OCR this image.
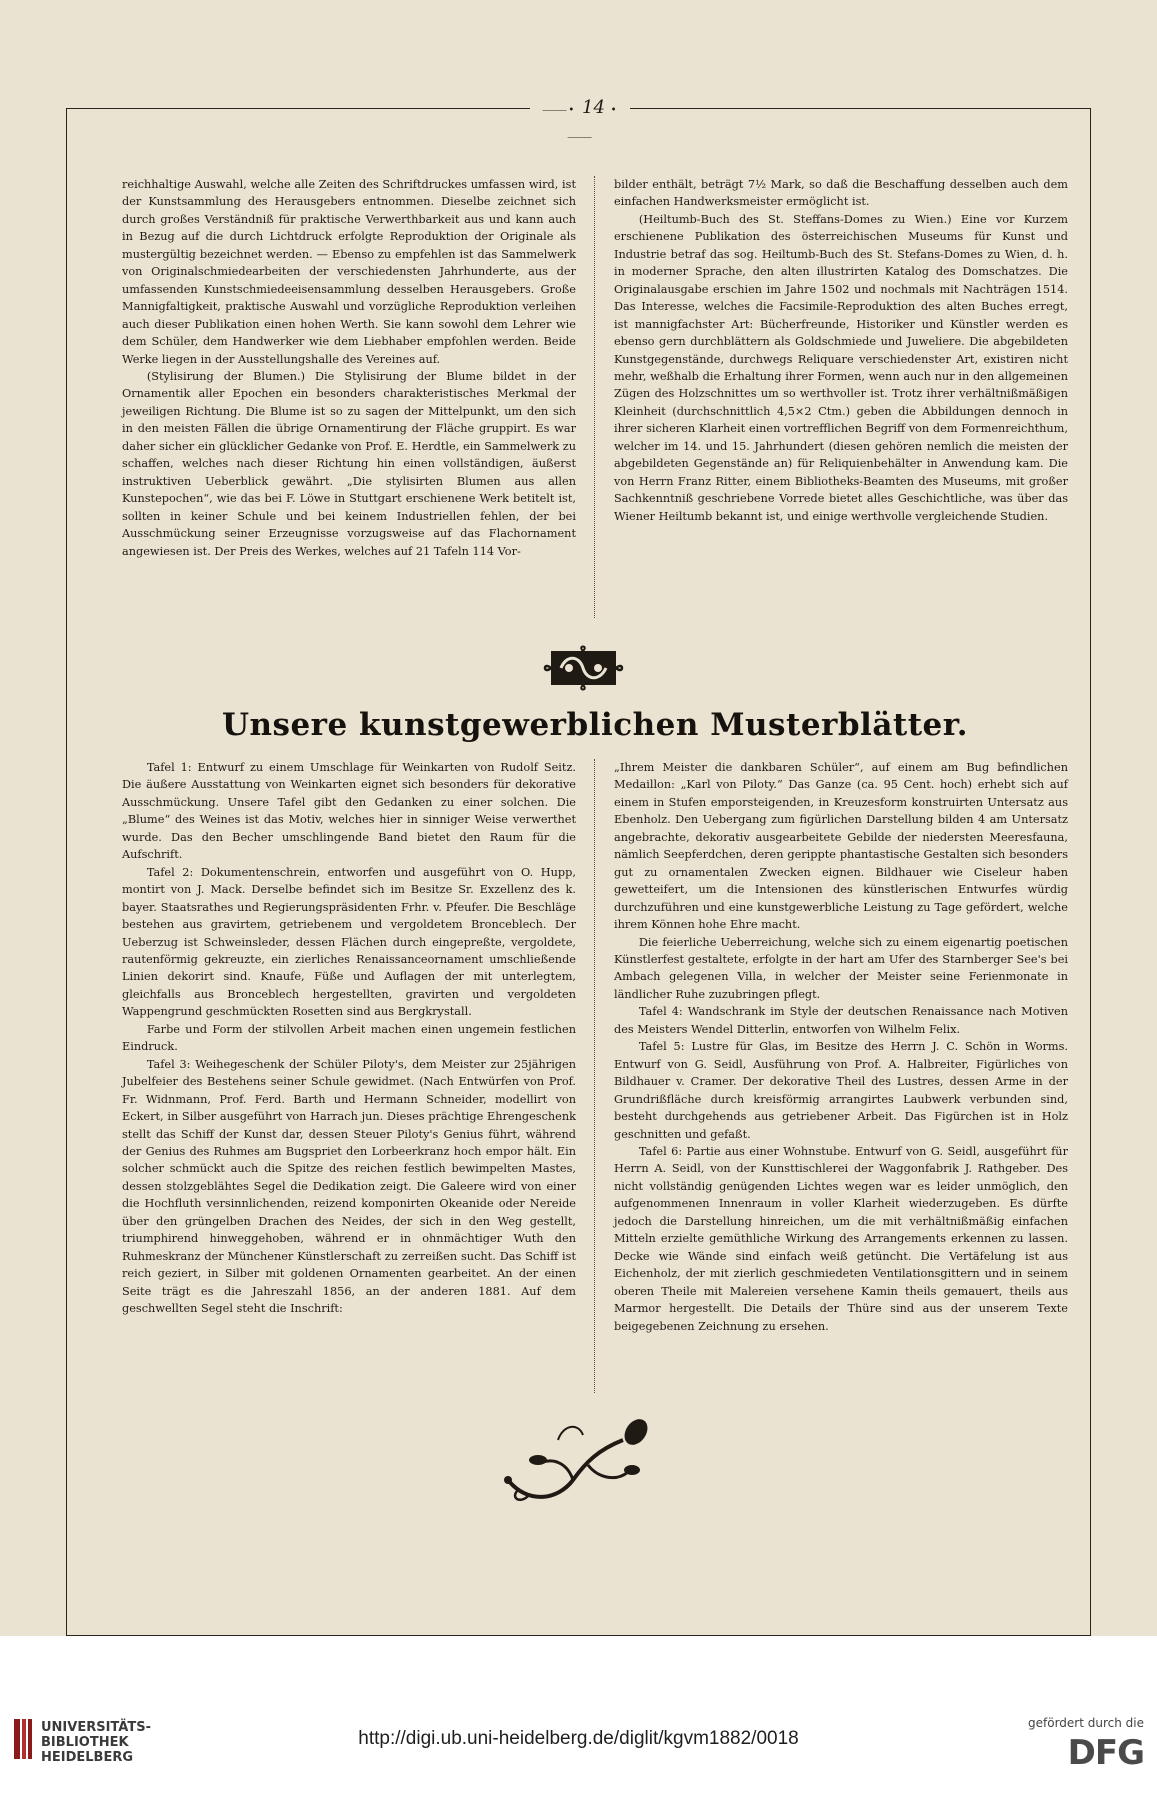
⸻• 14 •⸻

reichhaltige Auswahl, welche alle Zeiten des Schriftdruckes umfassen wird, ist der Kunstsammlung des Herausgebers entnommen. Dieselbe zeichnet sich durch großes Verständniß für praktische Verwerthbarkeit aus und kann auch in Bezug auf die durch Lichtdruck erfolgte Reproduktion der Originale als mustergültig bezeichnet werden. — Ebenso zu empfehlen ist das Sammelwerk von Originalschmiedearbeiten der verschiedensten Jahrhunderte, aus der umfassenden Kunstschmiedeeisensammlung desselben Herausgebers. Große Mannigfaltigkeit, praktische Auswahl und vorzügliche Reproduktion verleihen auch dieser Publikation einen hohen Werth. Sie kann sowohl dem Lehrer wie dem Schüler, dem Handwerker wie dem Liebhaber empfohlen werden. Beide Werke liegen in der Ausstellungshalle des Vereines auf.

(Stylisirung der Blumen.) Die Stylisirung der Blume bildet in der Ornamentik aller Epochen ein besonders charakteristisches Merkmal der jeweiligen Richtung. Die Blume ist so zu sagen der Mittelpunkt, um den sich in den meisten Fällen die übrige Ornamentirung der Fläche gruppirt. Es war daher sicher ein glücklicher Gedanke von Prof. E. Herdtle, ein Sammelwerk zu schaffen, welches nach dieser Richtung hin einen vollständigen, äußerst instruktiven Ueberblick gewährt. „Die stylisirten Blumen aus allen Kunstepochen“, wie das bei F. Löwe in Stuttgart erschienene Werk betitelt ist, sollten in keiner Schule und bei keinem Industriellen fehlen, der bei Ausschmückung seiner Erzeugnisse vorzugsweise auf das Flachornament angewiesen ist. Der Preis des Werkes, welches auf 21 Tafeln 114 Vor-

bilder enthält, beträgt 7½ Mark, so daß die Beschaffung desselben auch dem einfachen Handwerksmeister ermöglicht ist.

(Heiltumb-Buch des St. Steffans-Domes zu Wien.) Eine vor Kurzem erschienene Publikation des österreichischen Museums für Kunst und Industrie betraf das sog. Heiltumb-Buch des St. Stefans-Domes zu Wien, d. h. in moderner Sprache, den alten illustrirten Katalog des Domschatzes. Die Originalausgabe erschien im Jahre 1502 und nochmals mit Nachträgen 1514. Das Interesse, welches die Facsimile-Reproduktion des alten Buches erregt, ist mannigfachster Art: Bücherfreunde, Historiker und Künstler werden es ebenso gern durchblättern als Goldschmiede und Juweliere. Die abgebildeten Kunstgegenstände, durchwegs Reliquare verschiedenster Art, existiren nicht mehr, weßhalb die Erhaltung ihrer Formen, wenn auch nur in den allgemeinen Zügen des Holzschnittes um so werthvoller ist. Trotz ihrer verhältnißmäßigen Kleinheit (durchschnittlich 4,5×2 Ctm.) geben die Abbildungen dennoch in ihrer sicheren Klarheit einen vortrefflichen Begriff von dem Formenreichthum, welcher im 14. und 15. Jahrhundert (diesen gehören nemlich die meisten der abgebildeten Gegenstände an) für Reliquienbehälter in Anwendung kam. Die von Herrn Franz Ritter, einem Bibliotheks-Beamten des Museums, mit großer Sachkenntniß geschriebene Vorrede bietet alles Geschichtliche, was über das Wiener Heiltumb bekannt ist, und einige werthvolle vergleichende Studien.

Unsere kunstgewerblichen Musterblätter.

Tafel 1: Entwurf zu einem Umschlage für Weinkarten von Rudolf Seitz. Die äußere Ausstattung von Weinkarten eignet sich besonders für dekorative Ausschmückung. Unsere Tafel gibt den Gedanken zu einer solchen. Die „Blume“ des Weines ist das Motiv, welches hier in sinniger Weise verwerthet wurde. Das den Becher umschlingende Band bietet den Raum für die Aufschrift.

Tafel 2: Dokumentenschrein, entworfen und ausgeführt von O. Hupp, montirt von J. Mack. Derselbe befindet sich im Besitze Sr. Exzellenz des k. bayer. Staatsrathes und Regierungspräsidenten Frhr. v. Pfeufer. Die Beschläge bestehen aus gravirtem, getriebenem und vergoldetem Bronceblech. Der Ueberzug ist Schweinsleder, dessen Flächen durch eingepreßte, vergoldete, rautenförmig gekreuzte, ein zierliches Renaissanceornament umschließende Linien dekorirt sind. Knaufe, Füße und Auflagen der mit unterlegtem, gleichfalls aus Bronceblech hergestellten, gravirten und vergoldeten Wappengrund geschmückten Rosetten sind aus Bergkrystall.

Farbe und Form der stilvollen Arbeit machen einen ungemein festlichen Eindruck.

Tafel 3: Weihegeschenk der Schüler Piloty's, dem Meister zur 25jährigen Jubelfeier des Bestehens seiner Schule gewidmet. (Nach Entwürfen von Prof. Fr. Widnmann, Prof. Ferd. Barth und Hermann Schneider, modellirt von Eckert, in Silber ausgeführt von Harrach jun. Dieses prächtige Ehrengeschenk stellt das Schiff der Kunst dar, dessen Steuer Piloty's Genius führt, während der Genius des Ruhmes am Bugspriet den Lorbeerkranz hoch empor hält. Ein solcher schmückt auch die Spitze des reichen festlich bewimpelten Mastes, dessen stolzgeblähtes Segel die Dedikation zeigt. Die Galeere wird von einer die Hochfluth versinnlichenden, reizend komponirten Okeanide oder Nereide über den grüngelben Drachen des Neides, der sich in den Weg gestellt, triumphirend hinweggehoben, während er in ohnmächtiger Wuth den Ruhmeskranz der Münchener Künstlerschaft zu zerreißen sucht. Das Schiff ist reich geziert, in Silber mit goldenen Ornamenten gearbeitet. An der einen Seite trägt es die Jahreszahl 1856, an der anderen 1881. Auf dem geschwellten Segel steht die Inschrift:

„Ihrem Meister die dankbaren Schüler“, auf einem am Bug befindlichen Medaillon: „Karl von Piloty.“ Das Ganze (ca. 95 Cent. hoch) erhebt sich auf einem in Stufen emporsteigenden, in Kreuzesform konstruirten Untersatz aus Ebenholz. Den Uebergang zum figürlichen Darstellung bilden 4 am Untersatz angebrachte, dekorativ ausgearbeitete Gebilde der niedersten Meeresfauna, nämlich Seepferdchen, deren gerippte phantastische Gestalten sich besonders gut zu ornamentalen Zwecken eignen. Bildhauer wie Ciseleur haben gewetteifert, um die Intensionen des künstlerischen Entwurfes würdig durchzuführen und eine kunstgewerbliche Leistung zu Tage gefördert, welche ihrem Können hohe Ehre macht.

Die feierliche Ueberreichung, welche sich zu einem eigenartig poetischen Künstlerfest gestaltete, erfolgte in der hart am Ufer des Starnberger See's bei Ambach gelegenen Villa, in welcher der Meister seine Ferienmonate in ländlicher Ruhe zuzubringen pflegt.

Tafel 4: Wandschrank im Style der deutschen Renaissance nach Motiven des Meisters Wendel Ditterlin, entworfen von Wilhelm Felix.

Tafel 5: Lustre für Glas, im Besitze des Herrn J. C. Schön in Worms. Entwurf von G. Seidl, Ausführung von Prof. A. Halbreiter, Figürliches von Bildhauer v. Cramer. Der dekorative Theil des Lustres, dessen Arme in der Grundrißfläche durch kreisförmig arrangirtes Laubwerk verbunden sind, besteht durchgehends aus getriebener Arbeit. Das Figürchen ist in Holz geschnitten und gefaßt.

Tafel 6: Partie aus einer Wohnstube. Entwurf von G. Seidl, ausgeführt für Herrn A. Seidl, von der Kunsttischlerei der Waggonfabrik J. Rathgeber. Des nicht vollständig genügenden Lichtes wegen war es leider unmöglich, den aufgenommenen Innenraum in voller Klarheit wiederzugeben. Es dürfte jedoch die Darstellung hinreichen, um die mit verhältnißmäßig einfachen Mitteln erzielte gemüthliche Wirkung des Arrangements erkennen zu lassen. Decke wie Wände sind einfach weiß getüncht. Die Vertäfelung ist aus Eichenholz, der mit zierlich geschmiedeten Ventilationsgittern und in seinem oberen Theile mit Malereien versehene Kamin theils gemauert, theils aus Marmor hergestellt. Die Details der Thüre sind aus der unserem Texte beigegebenen Zeichnung zu ersehen.

UNIVERSITÄTS-
BIBLIOTHEK
HEIDELBERG
http://digi.ub.uni-heidelberg.de/diglit/kgvm1882/0018
gefördert durch die
DFG
